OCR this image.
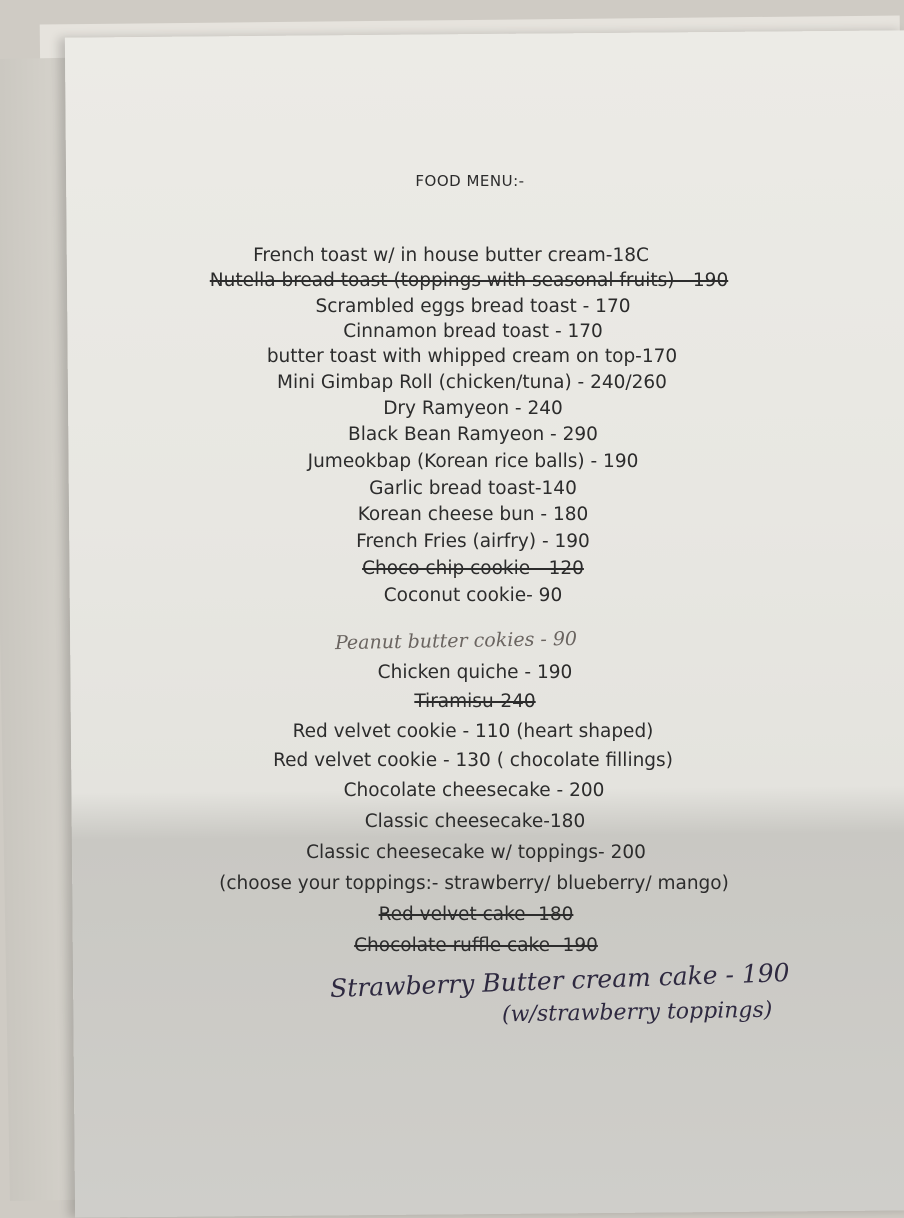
FOOD MENU:-
French toast w/ in house butter cream-18C
Nutella bread toast (toppings with seasonal fruits) - 190
Scrambled eggs bread toast - 170
Cinnamon bread toast - 170
butter toast with whipped cream on top-170
Mini Gimbap Roll (chicken/tuna) - 240/260
Dry Ramyeon - 240
Black Bean Ramyeon - 290
Jumeokbap (Korean rice balls) - 190
Garlic bread toast-140
Korean cheese bun - 180
French Fries (airfry) - 190
Choco chip cookie - 120
Coconut cookie- 90
Chicken quiche - 190
Tiramisu-240
Red velvet cookie - 110 (heart shaped)
Red velvet cookie - 130 ( chocolate fillings)
Chocolate cheesecake - 200
Classic cheesecake-180
Classic cheesecake w/ toppings- 200
(choose your toppings:- strawberry/ blueberry/ mango)
Red velvet cake -180
Chocolate ruffle cake -190
Peanut butter cokies - 90
Strawberry Butter cream cake - 190
(w/strawberry toppings)
